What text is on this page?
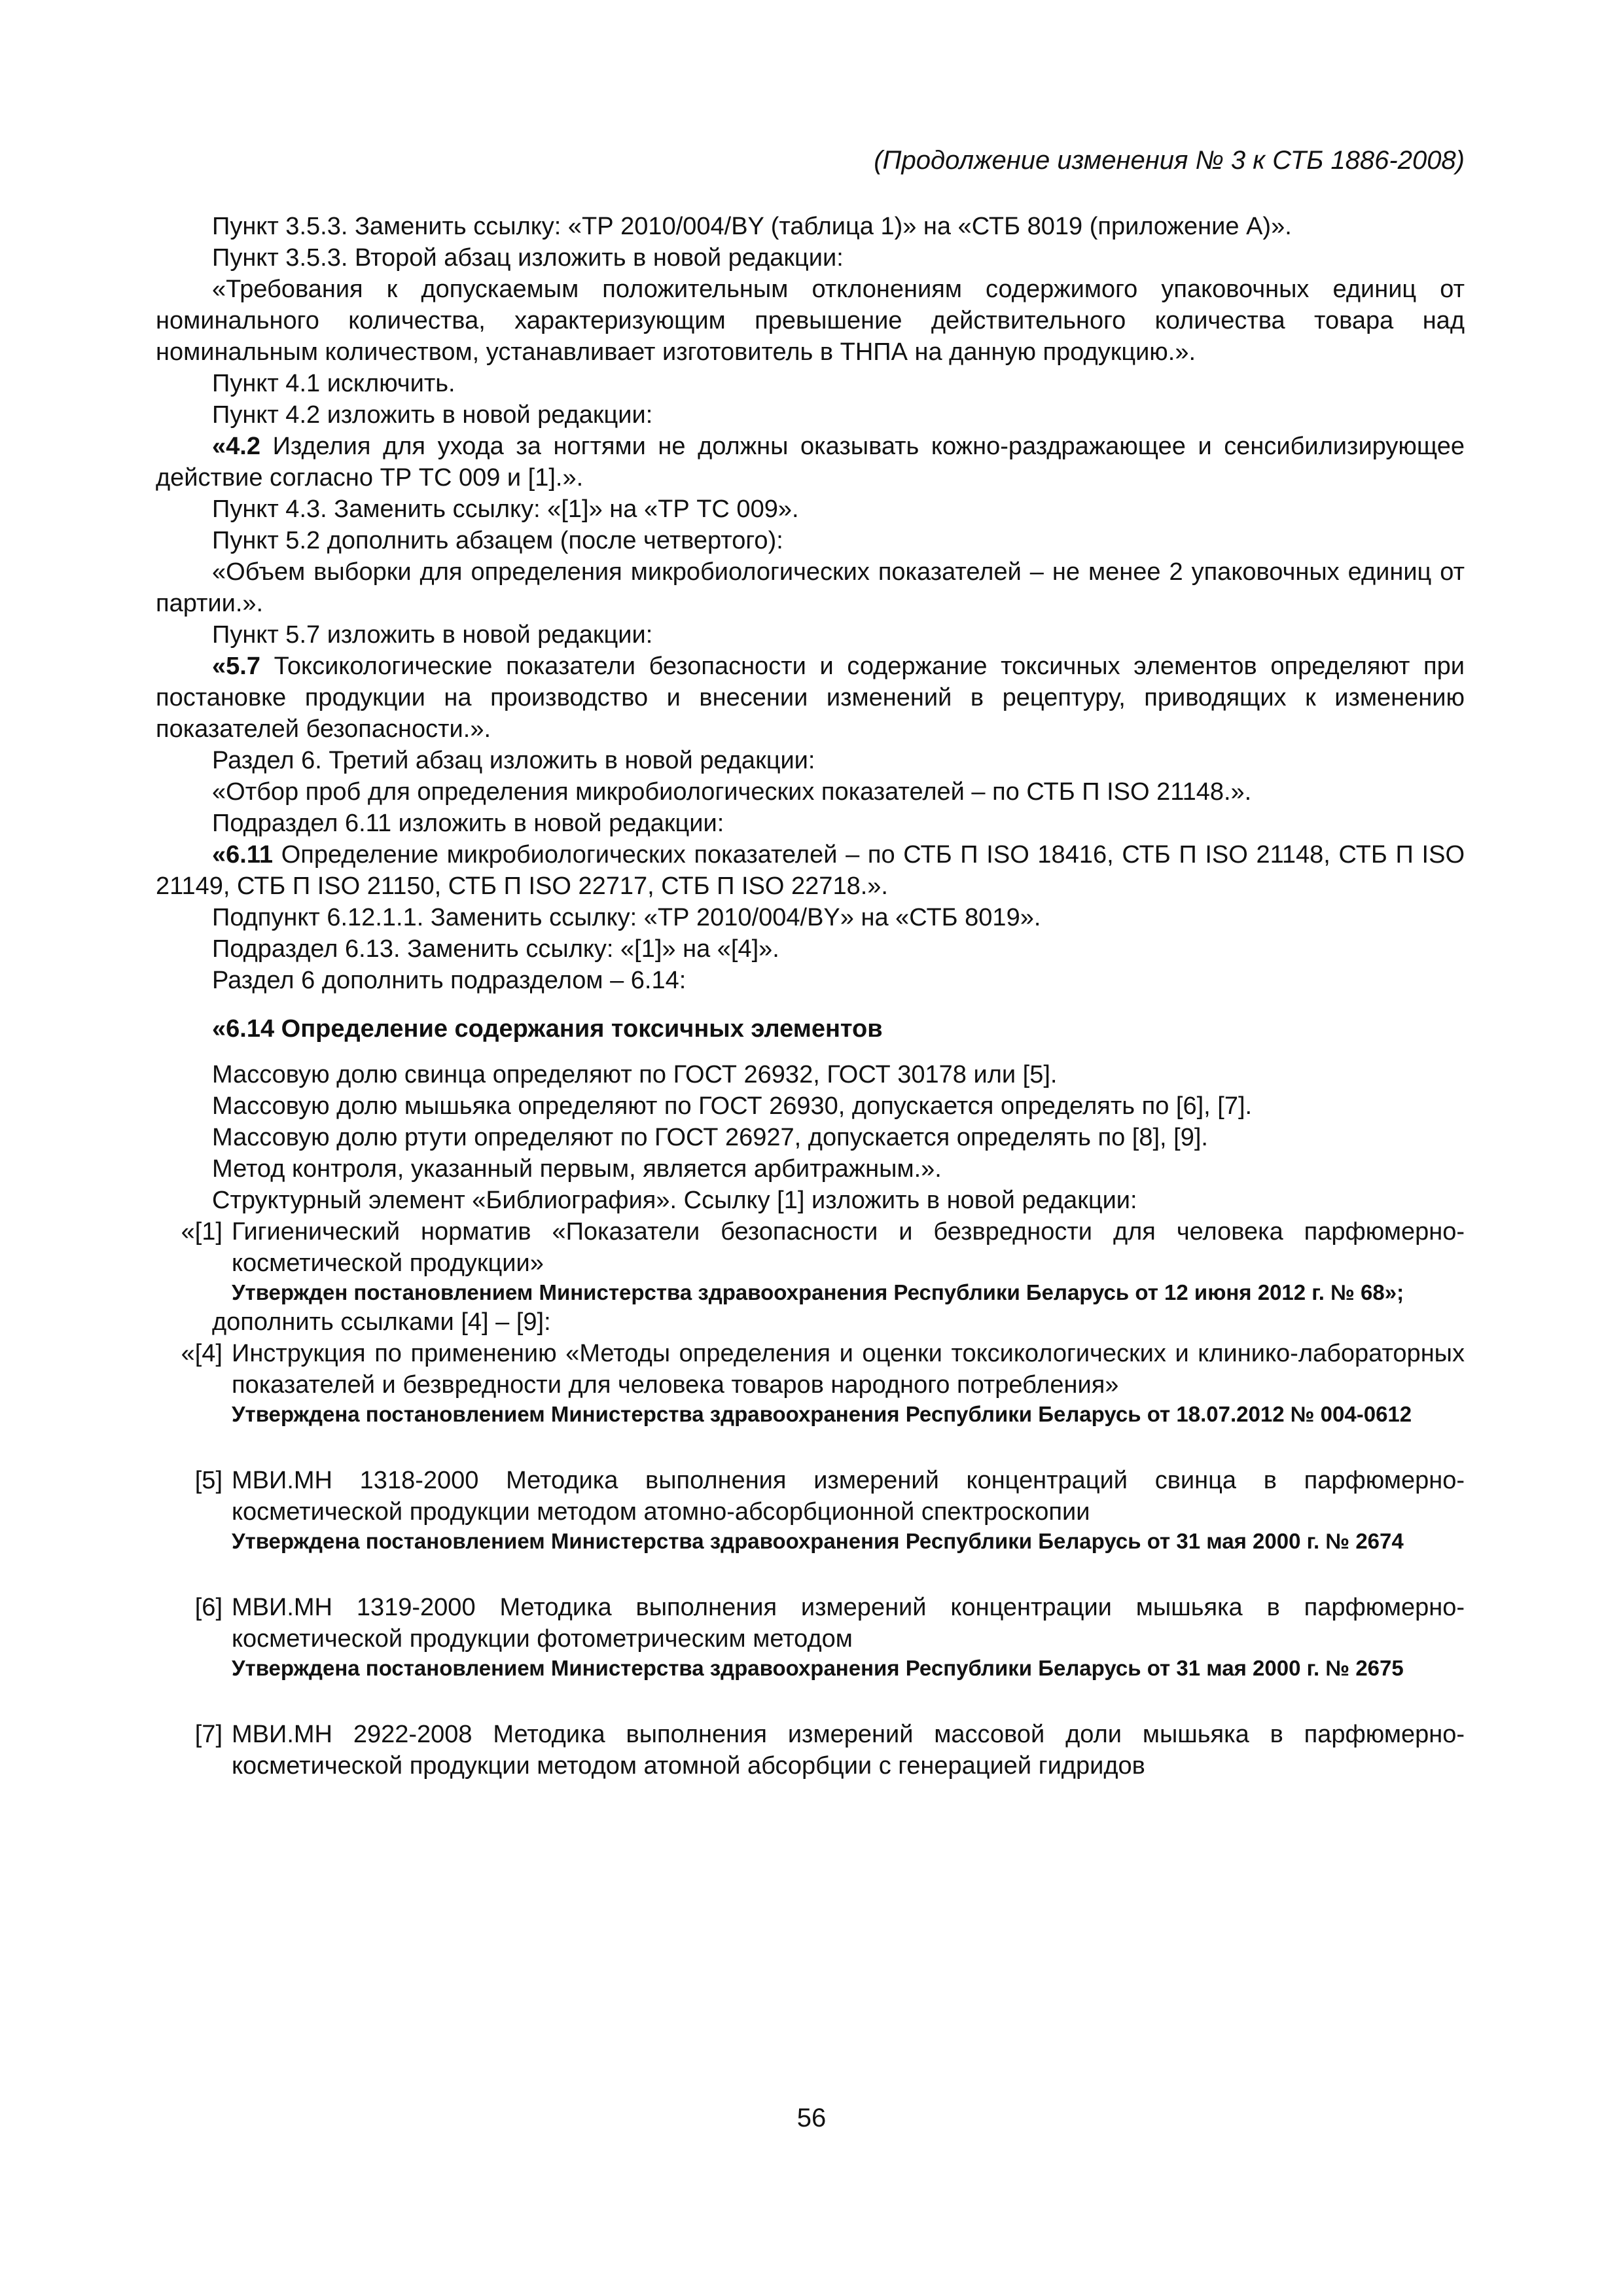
(Продолжение изменения № 3 к СТБ 1886-2008)

Пункт 3.5.3. Заменить ссылку: «ТР 2010/004/BY (таблица 1)» на «СТБ 8019 (приложение А)».

Пункт 3.5.3. Второй абзац изложить в новой редакции:

«Требования к допускаемым положительным отклонениям содержимого упаковочных единиц от номинального количества, характеризующим превышение действительного количества товара над номинальным количеством, устанавливает изготовитель в ТНПА на данную продукцию.».

Пункт 4.1 исключить.

Пункт 4.2 изложить в новой редакции:

«4.2 Изделия для ухода за ногтями не должны оказывать кожно-раздражающее и сенсибилизирующее действие согласно ТР ТС 009 и [1].».

Пункт 4.3. Заменить ссылку: «[1]» на «ТР ТС 009».

Пункт 5.2 дополнить абзацем (после четвертого):

«Объем выборки для определения микробиологических показателей – не менее 2 упаковочных единиц от партии.».

Пункт 5.7 изложить в новой редакции:

«5.7 Токсикологические показатели безопасности и содержание токсичных элементов определяют при постановке продукции на производство и внесении изменений в рецептуру, приводящих к изменению показателей безопасности.».

Раздел 6. Третий абзац изложить в новой редакции:

«Отбор проб для определения микробиологических показателей – по СТБ П ISO 21148.».

Подраздел 6.11 изложить в новой редакции:

«6.11 Определение микробиологических показателей – по СТБ П ISO 18416, СТБ П ISO 21148, СТБ П ISO 21149, СТБ П ISO 21150, СТБ П ISO 22717, СТБ П ISO 22718.».

Подпункт 6.12.1.1. Заменить ссылку: «ТР 2010/004/BY» на «СТБ 8019».

Подраздел 6.13. Заменить ссылку: «[1]» на «[4]».

Раздел 6 дополнить подразделом – 6.14:

«6.14 Определение содержания токсичных элементов

Массовую долю свинца определяют по ГОСТ 26932, ГОСТ 30178 или [5].

Массовую долю мышьяка определяют по ГОСТ 26930, допускается определять по [6], [7].

Массовую долю ртути определяют по ГОСТ 26927, допускается определять по [8], [9].

Метод контроля, указанный первым, является арбитражным.».

Структурный элемент «Библиография». Ссылку [1] изложить в новой редакции:

«[1] Гигиенический норматив «Показатели безопасности и безвредности для человека парфюмерно-косметической продукции»
Утвержден постановлением Министерства здравоохранения Республики Беларусь от 12 июня 2012 г. № 68»;

дополнить ссылками [4] – [9]:

«[4] Инструкция по применению «Методы определения и оценки токсикологических и клинико-лабораторных показателей и безвредности для человека товаров народного потребления»
Утверждена постановлением Министерства здравоохранения Республики Беларусь от 18.07.2012 № 004-0612
[5] МВИ.МН 1318-2000 Методика выполнения измерений концентраций свинца в парфюмерно-косметической продукции методом атомно-абсорбционной спектроскопии
Утверждена постановлением Министерства здравоохранения Республики Беларусь от 31 мая 2000 г. № 2674
[6] МВИ.МН 1319-2000 Методика выполнения измерений концентрации мышьяка в парфюмерно-косметической продукции фотометрическим методом
Утверждена постановлением Министерства здравоохранения Республики Беларусь от 31 мая 2000 г. № 2675
[7] МВИ.МН 2922-2008 Методика выполнения измерений массовой доли мышьяка в парфюмерно-косметической продукции методом атомной абсорбции с генерацией гидридов
56
